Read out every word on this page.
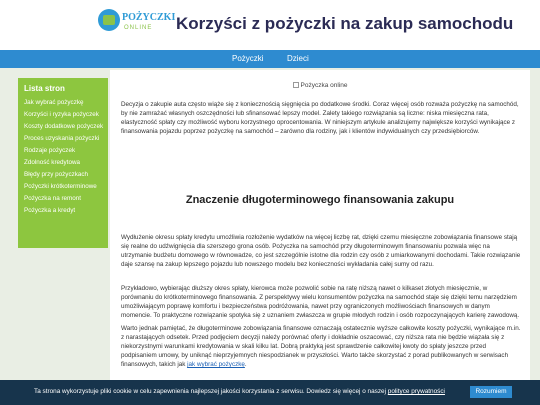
POŻYCZKI
ONLINE Korzyści z pożyczki na zakup samochodu
Pożyczki	Dzieci
Lista stron
Jak wybrać pożyczkę
Korzyści i ryzyka pożyczek
Koszty dodatkowe pożyczek
Proces uzyskania pożyczki
Rodzaje pożyczek
Zdolność kredytowa
Błędy przy pożyczkach
Pożyczki krótkoterminowe
Pożyczka na remont
Pożyczka a kredyt
Pożyczka online

Decyzja o zakupie auta często wiąże się z koniecznością sięgnięcia po dodatkowe środki. Coraz więcej osób rozważa pożyczkę na samochód, by nie zamrażać własnych oszczędności lub sfinansować lepszy model. Zalety takiego rozwiązania są liczne: niska miesięczna rata, elastyczność spłaty czy możliwość wyboru korzystnego oprocentowania. W niniejszym artykule analizujemy największe korzyści wynikające z finansowania pojazdu poprzez pożyczkę na samochód – zarówno dla rodziny, jak i klientów indywidualnych czy przedsiębiorców.

Znaczenie długoterminowego finansowania zakupu

Wydłużenie okresu spłaty kredytu umożliwia rozłożenie wydatków na więcej liczbę rat, dzięki czemu miesięczne zobowiązania finansowe stają się realne do udźwignięcia dla szerszego grona osób. Pożyczka na samochód przy długoterminowym finansowaniu pozwala więc na utrzymanie budżetu domowego w równowadze, co jest szczególnie istotne dla rodzin czy osób z umiarkowanymi dochodami. Takie rozwiązanie daje szansę na zakup lepszego pojazdu lub nowszego modelu bez konieczności wykładania całej sumy od razu.

Przykładowo, wybierając dłuższy okres spłaty, kierowca może pozwolić sobie na ratę niższą nawet o kilkaset złotych miesięcznie, w porównaniu do krótkoterminowego finansowania. Z perspektywy wielu konsumentów pożyczka na samochód staje się dzięki temu narzędziem umożliwiającym poprawę komfortu i bezpieczeństwa podróżowania, nawet przy ograniczonych możliwościach finansowych w danym momencie. To praktyczne rozwiązanie spotyka się z uznaniem zwłaszcza w grupie młodych rodzin i osób rozpoczynających karierę zawodową.

Warto jednak pamiętać, że długoterminowe zobowiązania finansowe oznaczają ostatecznie wyższe całkowite koszty pożyczki, wynikające m.in. z narastających odsetek. Przed podjęciem decyzji należy porównać oferty i dokładnie oszacować, czy niższa rata nie będzie wiązała się z niekorzystnymi warunkami kredytowania w skali kilku lat. Dobrą praktyką jest sprawdzenie całkowitej kwoty do spłaty jeszcze przed podpisaniem umowy, by uniknąć nieprzyjemnych niespodzianek w przyszłości. Warto także skorzystać z porad publikowanych w serwisach finansowych, takich jak jak wybrać pożyczkę.

Ta strona wykorzystuje pliki cookie w celu zapewnienia najlepszej jakości korzystania z serwisu. Dowiedz się więcej o naszej polityce prywatności	Rozumiem
